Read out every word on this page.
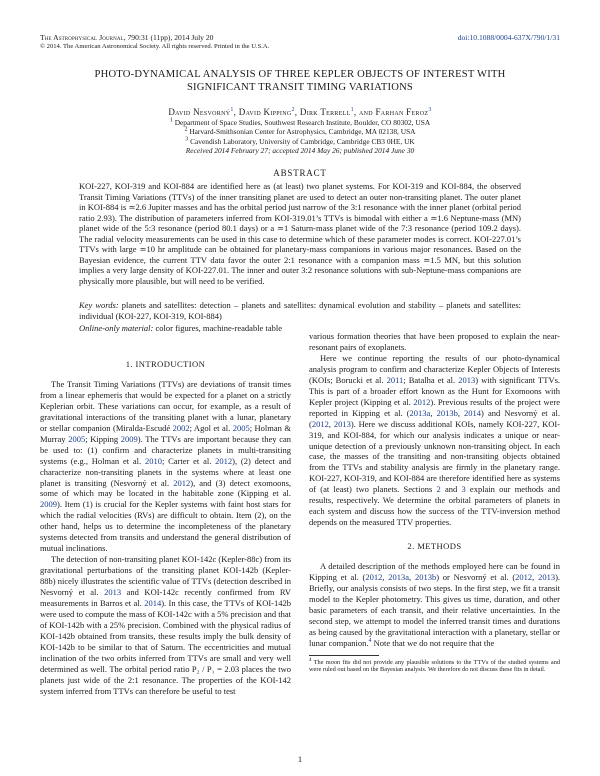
The Astrophysical Journal, 790:31 (11pp), 2014 July 20
© 2014. The American Astronomical Society. All rights reserved. Printed in the U.S.A.
doi:10.1088/0004-637X/790/1/31
PHOTO-DYNAMICAL ANALYSIS OF THREE KEPLER OBJECTS OF INTEREST WITH
SIGNIFICANT TRANSIT TIMING VARIATIONS
David Nesvorný$^1$, David Kipping$^2$, Dirk Terrell$^1$, and Farhan Feroz$^3$
$^1$ Department of Space Studies, Southwest Research Institute, Boulder, CO 80302, USA
$^2$ Harvard-Smithsonian Center for Astrophysics, Cambridge, MA 02138, USA
$^3$ Cavendish Laboratory, University of Cambridge, Cambridge CB3 0HE, UK
Received 2014 February 27; accepted 2014 May 26; published 2014 June 30
ABSTRACT
KOI-227, KOI-319 and KOI-884 are identified here as (at least) two planet systems. For KOI-319 and KOI-884, the observed Transit Timing Variations (TTVs) of the inner transiting planet are used to detect an outer non-transiting planet. The outer planet in KOI-884 is ≃2.6 Jupiter masses and has the orbital period just narrow of the 3:1 resonance with the inner planet (orbital period ratio 2.93). The distribution of parameters inferred from KOI-319.01’s TTVs is bimodal with either a ≃1.6 Neptune-mass (MN) planet wide of the 5:3 resonance (period 80.1 days) or a ≃1 Saturn-mass planet wide of the 7:3 resonance (period 109.2 days). The radial velocity measurements can be used in this case to determine which of these parameter modes is correct. KOI-227.01’s TTVs with large ≃10 hr amplitude can be obtained for planetary-mass companions in various major resonances. Based on the Bayesian evidence, the current TTV data favor the outer 2:1 resonance with a companion mass ≃1.5 MN, but this solution implies a very large density of KOI-227.01. The inner and outer 3:2 resonance solutions with sub-Neptune-mass companions are physically more plausible, but will need to be verified.
Key words: planets and satellites: detection – planets and satellites: dynamical evolution and stability – planets and satellites: individual (KOI-227, KOI-319, KOI-884)
Online-only material: color figures, machine-readable table
1. INTRODUCTION

The Transit Timing Variations (TTVs) are deviations of transit times from a linear ephemeris that would be expected for a planet on a strictly Keplerian orbit. These variations can occur, for example, as a result of gravitational interactions of the transiting planet with a lunar, planetary or stellar companion (Miralda-Escudé 2002; Agol et al. 2005; Holman & Murray 2005; Kipping 2009). The TTVs are important because they can be used to: (1) confirm and characterize planets in multi-transiting systems (e.g., Holman et al. 2010; Carter et al. 2012), (2) detect and characterize non-transiting planets in the systems where at least one planet is transiting (Nesvorný et al. 2012), and (3) detect exomoons, some of which may be located in the habitable zone (Kipping et al. 2009). Item (1) is crucial for the Kepler systems with faint host stars for which the radial velocities (RVs) are difficult to obtain. Item (2), on the other hand, helps us to determine the incompleteness of the planetary systems detected from transits and understand the general distribution of mutual inclinations.

The detection of non-transiting planet KOI-142c (Kepler-88c) from its gravitational perturbations of the transiting planet KOI-142b (Kepler-88b) nicely illustrates the scientific value of TTVs (detection described in Nesvorný et al. 2013 and KOI-142c recently confirmed from RV measurements in Barros et al. 2014). In this case, the TTVs of KOI-142b were used to compute the mass of KOI-142c with a 5% precision and that of KOI-142b with a 25% precision. Combined with the physical radius of KOI-142b obtained from transits, these results imply the bulk density of KOI-142b to be similar to that of Saturn. The eccentricities and mutual inclination of the two orbits inferred from TTVs are small and very well determined as well. The orbital period ratio P₂ / P₁ = 2.03 places the two planets just wide of the 2:1 resonance. The properties of the KOI-142 system inferred from TTVs can therefore be useful to test

various formation theories that have been proposed to explain the near-resonant pairs of exoplanets.

Here we continue reporting the results of our photo-dynamical analysis program to confirm and characterize Kepler Objects of Interests (KOIs; Borucki et al. 2011; Batalha et al. 2013) with significant TTVs. This is part of a broader effort known as the Hunt for Exomoons with Kepler project (Kipping et al. 2012). Previous results of the project were reported in Kipping et al. (2013a, 2013b, 2014) and Nesvorný et al. (2012, 2013). Here we discuss additional KOIs, namely KOI-227, KOI-319, and KOI-884, for which our analysis indicates a unique or near-unique detection of a previously unknown non-transiting object. In each case, the masses of the transiting and non-transiting objects obtained from the TTVs and stability analysis are firmly in the planetary range. KOI-227, KOI-319, and KOI-884 are therefore identified here as systems of (at least) two planets. Sections 2 and 3 explain our methods and results, respectively. We determine the orbital parameters of planets in each system and discuss how the success of the TTV-inversion method depends on the measured TTV properties.

2. METHODS

A detailed description of the methods employed here can be found in Kipping et al. (2012, 2013a, 2013b) or Nesvorný et al. (2012, 2013). Briefly, our analysis consists of two steps. In the first step, we fit a transit model to the Kepler photometry. This gives us time, duration, and other basic parameters of each transit, and their relative uncertainties. In the second step, we attempt to model the inferred transit times and durations as being caused by the gravitational interaction with a planetary, stellar or lunar companion.$^4$ Note that we do not require that the

$^4$ The moon fits did not provide any plausible solutions to the TTVs of the studied systems and were ruled out based on the Bayesian analysis. We therefore do not discuss these fits in detail.
1
